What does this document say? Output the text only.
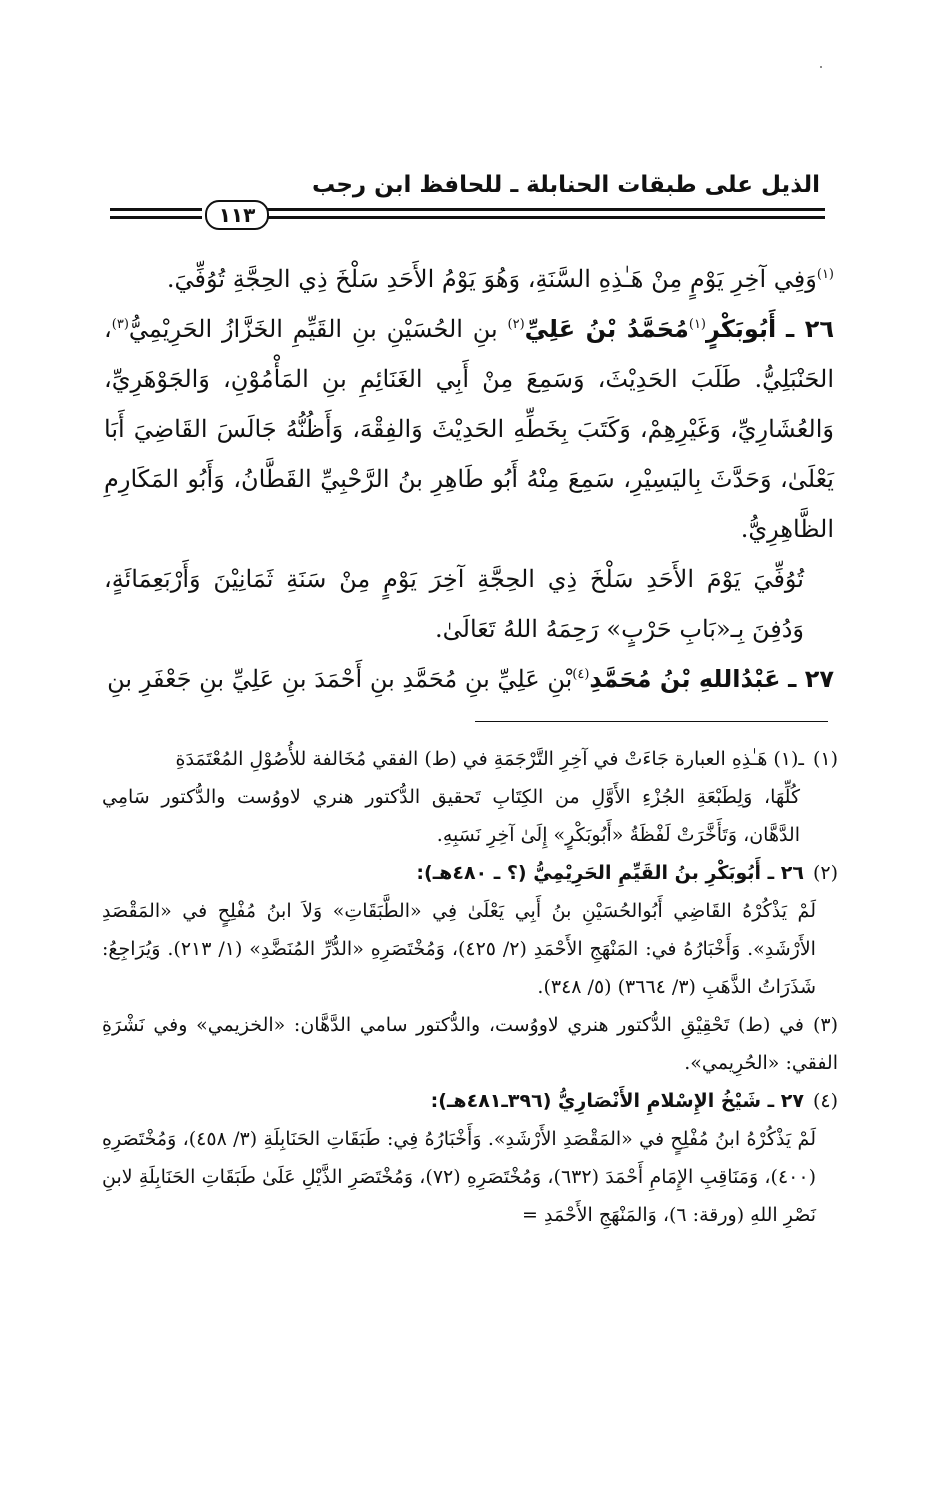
الذيل على طبقات الحنابلة ـ للحافظ ابن رجب
١١٣

$^{(١)}$وَفِي آخِرِ يَوْمٍ مِنْ هَـٰذِهِ السَّنَةِ، وَهُوَ يَوْمُ الأَحَدِ سَلْخَ ذِي الحِجَّةِ تُوُفِّيَ.

٢٦ ـ أَبُوبَكْرٍ$^{(١)}$مُحَمَّدُ بْنُ عَلِيِّ$^{(٢)}$ بنِ الحُسَيْنِ بنِ القَيِّمِ الخَزَّازُ الحَرِيْمِيُّ$^{(٣)}$، الحَنْبَلِيُّ. طَلَبَ الحَدِيْثَ، وَسَمِعَ مِنْ أَبِي الغَنَائِمِ بنِ المَأْمُوْنِ، وَالجَوْهَرِيِّ، وَالعُشَارِيِّ، وَغَيْرِهِمْ، وَكَتَبَ بِخَطِّهِ الحَدِيْثَ وَالفِقْهَ، وَأَظُنُّهُ جَالَسَ القَاضِيَ أَبَا يَعْلَىٰ، وَحَدَّثَ بِاليَسِيْرِ، سَمِعَ مِنْهُ أَبُو طَاهِرِ بنُ الرَّحْبِيِّ القَطَّانُ، وَأَبُو المَكَارِمِ الظَّاهِرِيُّ.

تُوُفِّيَ يَوْمَ الأَحَدِ سَلْخَ ذِي الحِجَّةِ آخِرَ يَوْمٍ مِنْ سَنَةِ ثَمَانِيْنَ وَأَرْبَعِمَائَةٍ، وَدُفِنَ بِـ«بَابِ حَرْبٍ» رَحِمَهُ اللهُ تَعَالَىٰ.

٢٧ ـ عَبْدُاللهِ بْنُ مُحَمَّدِ$^{(٤)}$بْنِ عَلِيِّ بنِ مُحَمَّدِ بنِ أَحْمَدَ بنِ عَلِيِّ بنِ جَعْفَرِ بنِ

(١)ـ(١) هَـٰذِهِ العبارة جَاءَتْ في آخِرِ التَّرْجَمَةِ في (ط) الفقي مُخَالفة للأُصُوْلِ المُعْتَمَدَةِ

كُلِّهَا، وَلِطَبْعَةِ الجُزْءِ الأَوَّلِ من الكِتَابِ تَحقيق الدُّكتور هنري لاووُست والدُّكتور سَامِي الدَّهَّان، وَتَأَخَّرَتْ لَفْظَةُ «أَبُوبَكْرٍ» إِلَىٰ آخِرِ نَسَبِهِ.

(٢)٢٦ ـ أَبُوبَكْرِ بنُ القَيِّمِ الحَرِيْمِيُّ (؟ ـ ٤٨٠هـ):

لَمْ يَذْكُرْهُ القَاضِي أَبُوالحُسَيْنِ بنُ أَبِي يَعْلَىٰ فِي «الطَّبَقَاتِ» وَلاَ ابنُ مُفْلِحٍ في «المَقْصَدِ الأَرْشَدِ». وَأَخْبَارُهُ في: المَنْهَجِ الأَحْمَدِ (٢/ ٤٢٥)، وَمُخْتَصَرِهِ «الدُّرِّ المُنَضَّدِ» (١/ ٢١٣). وَيُرَاجِعُ: شَذَرَاتُ الذَّهَبِ (٣/ ٣٦٦٤) (٥/ ٣٤٨).

(٣)في (ط) تَحْقِيْقِ الدُّكتور هنري لاووُست، والدُّكتور سامي الدَّهَّان: «الخزيمي» وفي نَشْرَةِ الفقي: «الحُرِيمي».

(٤)٢٧ ـ شَيْخُ الإِسْلامِ الأَنْصَارِيُّ (٣٩٦ـ٤٨١هـ):

لَمْ يَذْكُرْهُ ابنُ مُفْلِحٍ في «المَقْصَدِ الأَرْشَدِ». وَأَخْبَارُهُ فِي: طَبَقَاتِ الحَنَابِلَةِ (٣/ ٤٥٨)، وَمُخْتَصَرِهِ (٤٠٠)، وَمَنَاقِبِ الإِمَامِ أَحْمَدَ (٦٣٢)، وَمُخْتَصَرِهِ (٧٢)، وَمُخْتَصَرِ الذَّيْلِ عَلَىٰ طَبَقَاتِ الحَنَابِلَةِ لابنِ نَصْرِ اللهِ (ورقة: ٦)، وَالمَنْهَجِ الأَحْمَدِ =
